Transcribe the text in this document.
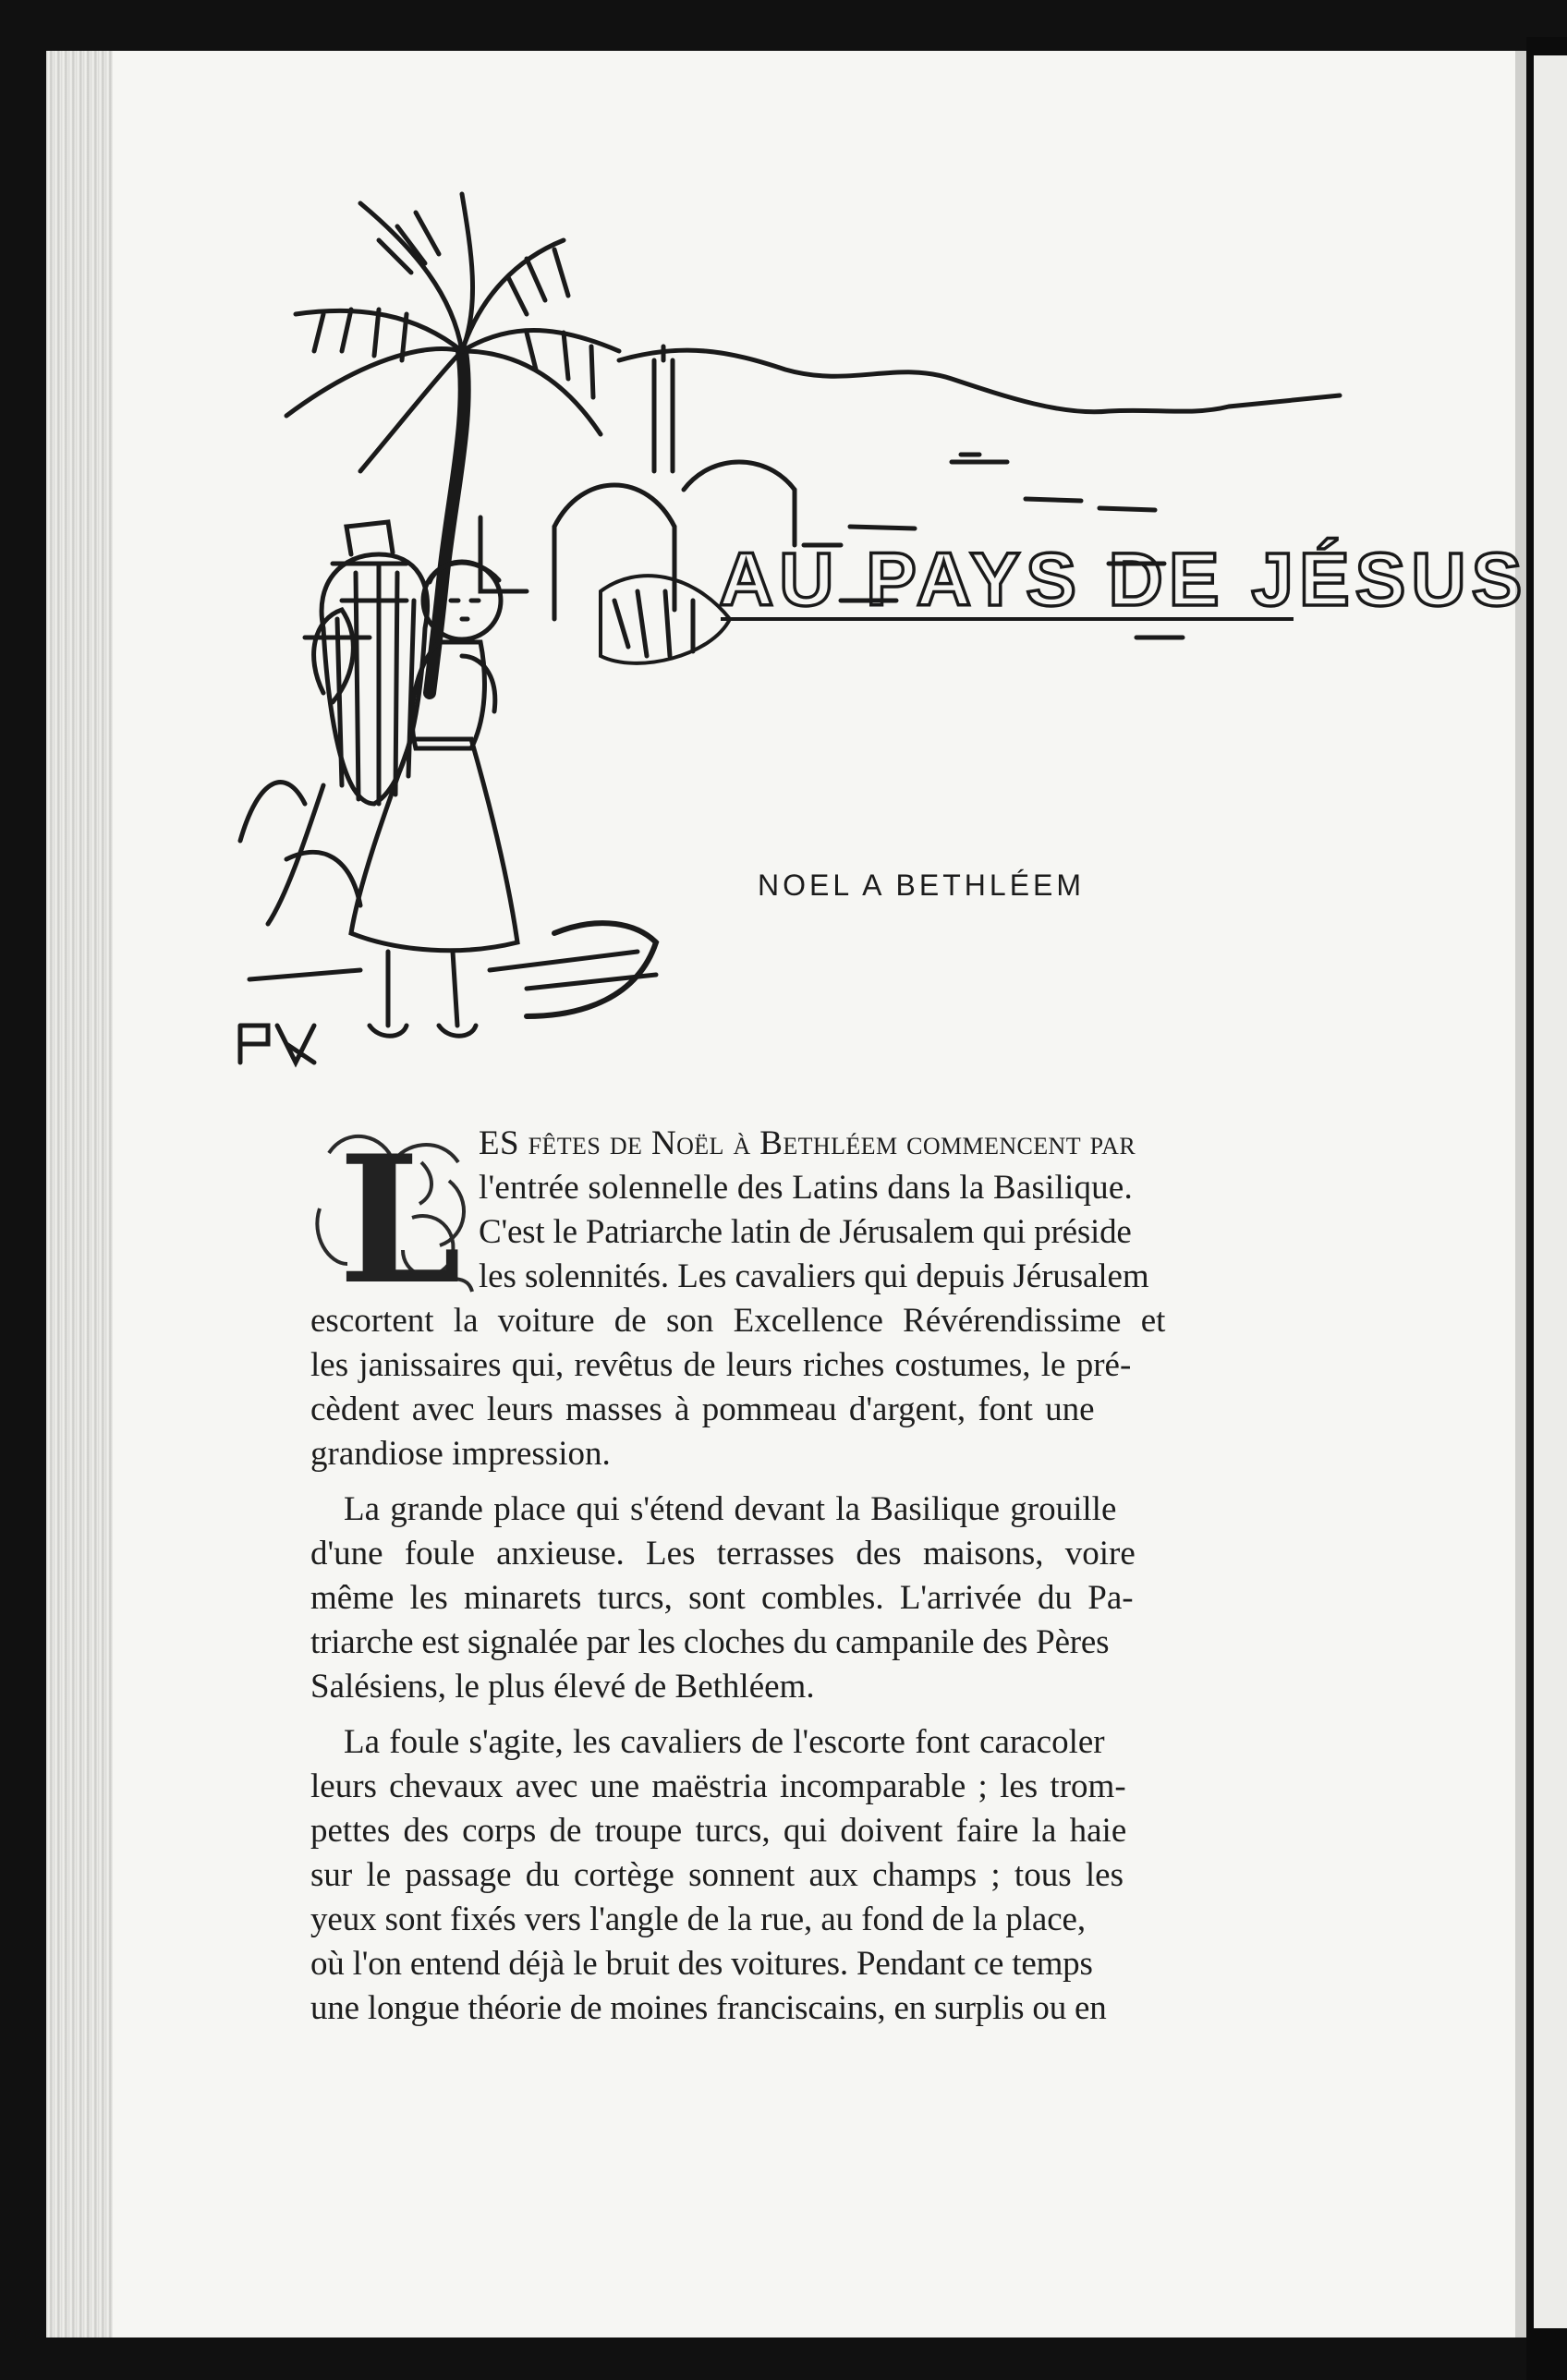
AU PAYS DE JÉSUS
NOEL A BETHLÉEM
L ES fêtes de Noël à Bethléem commencent par
l'entrée solennelle des Latins dans la Basilique.
C'est le Patriarche latin de Jérusalem qui préside
les solennités. Les cavaliers qui depuis Jérusalem
escortent la voiture de son Excellence Révérendissime et
les janissaires qui, revêtus de leurs riches costumes, le pré-
cèdent avec leurs masses à pommeau d'argent, font une
grandiose impression.
La grande place qui s'étend devant la Basilique grouille
d'une foule anxieuse. Les terrasses des maisons, voire
même les minarets turcs, sont combles. L'arrivée du Pa-
triarche est signalée par les cloches du campanile des Pères
Salésiens, le plus élevé de Bethléem.
La foule s'agite, les cavaliers de l'escorte font caracoler
leurs chevaux avec une maëstria incomparable ; les trom-
pettes des corps de troupe turcs, qui doivent faire la haie
sur le passage du cortège sonnent aux champs ; tous les
yeux sont fixés vers l'angle de la rue, au fond de la place,
où l'on entend déjà le bruit des voitures. Pendant ce temps
une longue théorie de moines franciscains, en surplis ou en
